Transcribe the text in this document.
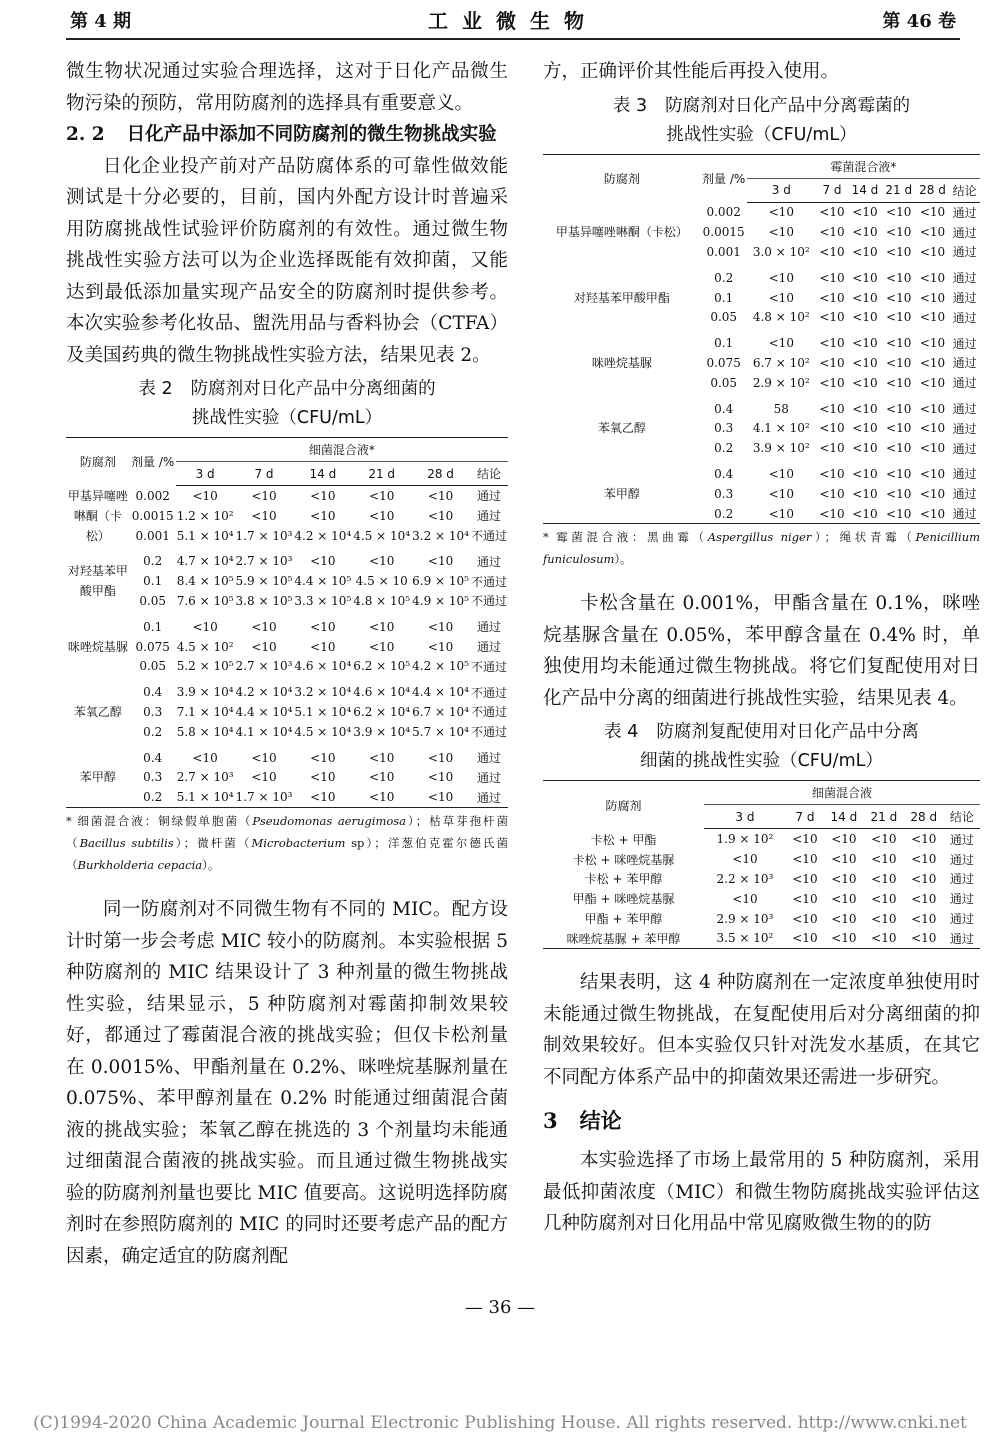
第 4 期	工业微生物	第 46 卷

微生物状况通过实验合理选择，这对于日化产品微生物污染的预防，常用防腐剂的选择具有重要意义。

2. 2 日化产品中添加不同防腐剂的微生物挑战实验

日化企业投产前对产品防腐体系的可靠性做效能测试是十分必要的，目前，国内外配方设计时普遍采用防腐挑战性试验评价防腐剂的有效性。通过微生物挑战性实验方法可以为企业选择既能有效抑菌，又能达到最低添加量实现产品安全的防腐剂时提供参考。本次实验参考化妆品、盥洗用品与香料协会（CTFA）及美国药典的微生物挑战性实验方法，结果见表 2。

表 2 防腐剂对日化产品中分离细菌的
挑战性实验（CFU/mL）
防腐剂	剂量 /%	细菌混合液*					
		3 d	7 d	14 d	21 d	28 d	结论
甲基异噻唑啉酮（卡松）	0.002	<10	<10	<10	<10	<10	通过
	0.0015	1.2 × 10²	<10	<10	<10	<10	通过
	0.001	5.1 × 10⁴	1.7 × 10³	4.2 × 10⁴	4.5 × 10⁴	3.2 × 10⁴	不通过
对羟基苯甲酸甲酯	0.2	4.7 × 10⁴	2.7 × 10³	<10	<10	<10	通过
	0.1	8.4 × 10⁵	5.9 × 10⁵	4.4 × 10⁵	4.5 × 10	6.9 × 10⁵	不通过
	0.05	7.6 × 10⁵	3.8 × 10⁵	3.3 × 10⁵	4.8 × 10⁵	4.9 × 10⁵	不通过
咪唑烷基脲	0.1	<10	<10	<10	<10	<10	通过
	0.075	4.5 × 10²	<10	<10	<10	<10	通过
	0.05	5.2 × 10⁵	2.7 × 10³	4.6 × 10⁴	6.2 × 10⁵	4.2 × 10⁵	不通过
苯氧乙醇	0.4	3.9 × 10⁴	4.2 × 10⁴	3.2 × 10⁴	4.6 × 10⁴	4.4 × 10⁴	不通过
	0.3	7.1 × 10⁴	4.4 × 10⁴	5.1 × 10⁴	6.2 × 10⁴	6.7 × 10⁴	不通过
	0.2	5.8 × 10⁴	4.1 × 10⁴	4.5 × 10⁴	3.9 × 10⁴	5.7 × 10⁴	不通过
苯甲醇	0.4	<10	<10	<10	<10	<10	通过
	0.3	2.7 × 10³	<10	<10	<10	<10	通过
	0.2	5.1 × 10⁴	1.7 × 10³	<10	<10	<10	通过

* 细菌混合液：铜绿假单胞菌（Pseudomonas aerugimosa）；枯草芽孢杆菌（Bacillus subtilis）；微杆菌（Microbacterium sp）；洋葱伯克霍尔德氏菌（Burkholderia cepacia）。

同一防腐剂对不同微生物有不同的 MIC。配方设计时第一步会考虑 MIC 较小的防腐剂。本实验根据 5 种防腐剂的 MIC 结果设计了 3 种剂量的微生物挑战性实验，结果显示，5 种防腐剂对霉菌抑制效果较好，都通过了霉菌混合液的挑战实验；但仅卡松剂量在 0.0015%、甲酯剂量在 0.2%、咪唑烷基脲剂量在 0.075%、苯甲醇剂量在 0.2% 时能通过细菌混合菌液的挑战实验；苯氧乙醇在挑选的 3 个剂量均未能通过细菌混合菌液的挑战实验。而且通过微生物挑战实验的防腐剂剂量也要比 MIC 值要高。这说明选择防腐剂时在参照防腐剂的 MIC 的同时还要考虑产品的配方因素，确定适宜的防腐剂配

方，正确评价其性能后再投入使用。

表 3 防腐剂对日化产品中分离霉菌的
挑战性实验（CFU/mL）
防腐剂	剂量 /%	霉菌混合液*					
		3 d	7 d	14 d	21 d	28 d	结论
甲基异噻唑啉酮（卡松）	0.002	<10	<10	<10	<10	<10	通过
	0.0015	<10	<10	<10	<10	<10	通过
	0.001	3.0 × 10²	<10	<10	<10	<10	通过
对羟基苯甲酸甲酯	0.2	<10	<10	<10	<10	<10	通过
	0.1	<10	<10	<10	<10	<10	通过
	0.05	4.8 × 10²	<10	<10	<10	<10	通过
咪唑烷基脲	0.1	<10	<10	<10	<10	<10	通过
	0.075	6.7 × 10²	<10	<10	<10	<10	通过
	0.05	2.9 × 10²	<10	<10	<10	<10	通过
苯氧乙醇	0.4	58	<10	<10	<10	<10	通过
	0.3	4.1 × 10²	<10	<10	<10	<10	通过
	0.2	3.9 × 10²	<10	<10	<10	<10	通过
苯甲醇	0.4	<10	<10	<10	<10	<10	通过
	0.3	<10	<10	<10	<10	<10	通过
	0.2	<10	<10	<10	<10	<10	通过

* 霉菌混合液：黑曲霉（Aspergillus niger）；绳状青霉（Penicillium funiculosum）。

卡松含量在 0.001%，甲酯含量在 0.1%，咪唑烷基脲含量在 0.05%，苯甲醇含量在 0.4% 时，单独使用均未能通过微生物挑战。将它们复配使用对日化产品中分离的细菌进行挑战性实验，结果见表 4。

表 4 防腐剂复配使用对日化产品中分离
细菌的挑战性实验（CFU/mL）
防腐剂	细菌混合液					
	3 d	7 d	14 d	21 d	28 d	结论
卡松 + 甲酯	1.9 × 10²	<10	<10	<10	<10	通过
卡松 + 咪唑烷基脲	<10	<10	<10	<10	<10	通过
卡松 + 苯甲醇	2.2 × 10³	<10	<10	<10	<10	通过
甲酯 + 咪唑烷基脲	<10	<10	<10	<10	<10	通过
甲酯 + 苯甲醇	2.9 × 10³	<10	<10	<10	<10	通过
咪唑烷基脲 + 苯甲醇	3.5 × 10²	<10	<10	<10	<10	通过

结果表明，这 4 种防腐剂在一定浓度单独使用时未能通过微生物挑战，在复配使用后对分离细菌的抑制效果较好。但本实验仅只针对洗发水基质，在其它不同配方体系产品中的抑菌效果还需进一步研究。

3 结论

本实验选择了市场上最常用的 5 种防腐剂，采用最低抑菌浓度（MIC）和微生物防腐挑战实验评估这几种防腐剂对日化用品中常见腐败微生物的的防

— 36 —
(C)1994-2020 China Academic Journal Electronic Publishing House. All rights reserved. http://www.cnki.net
